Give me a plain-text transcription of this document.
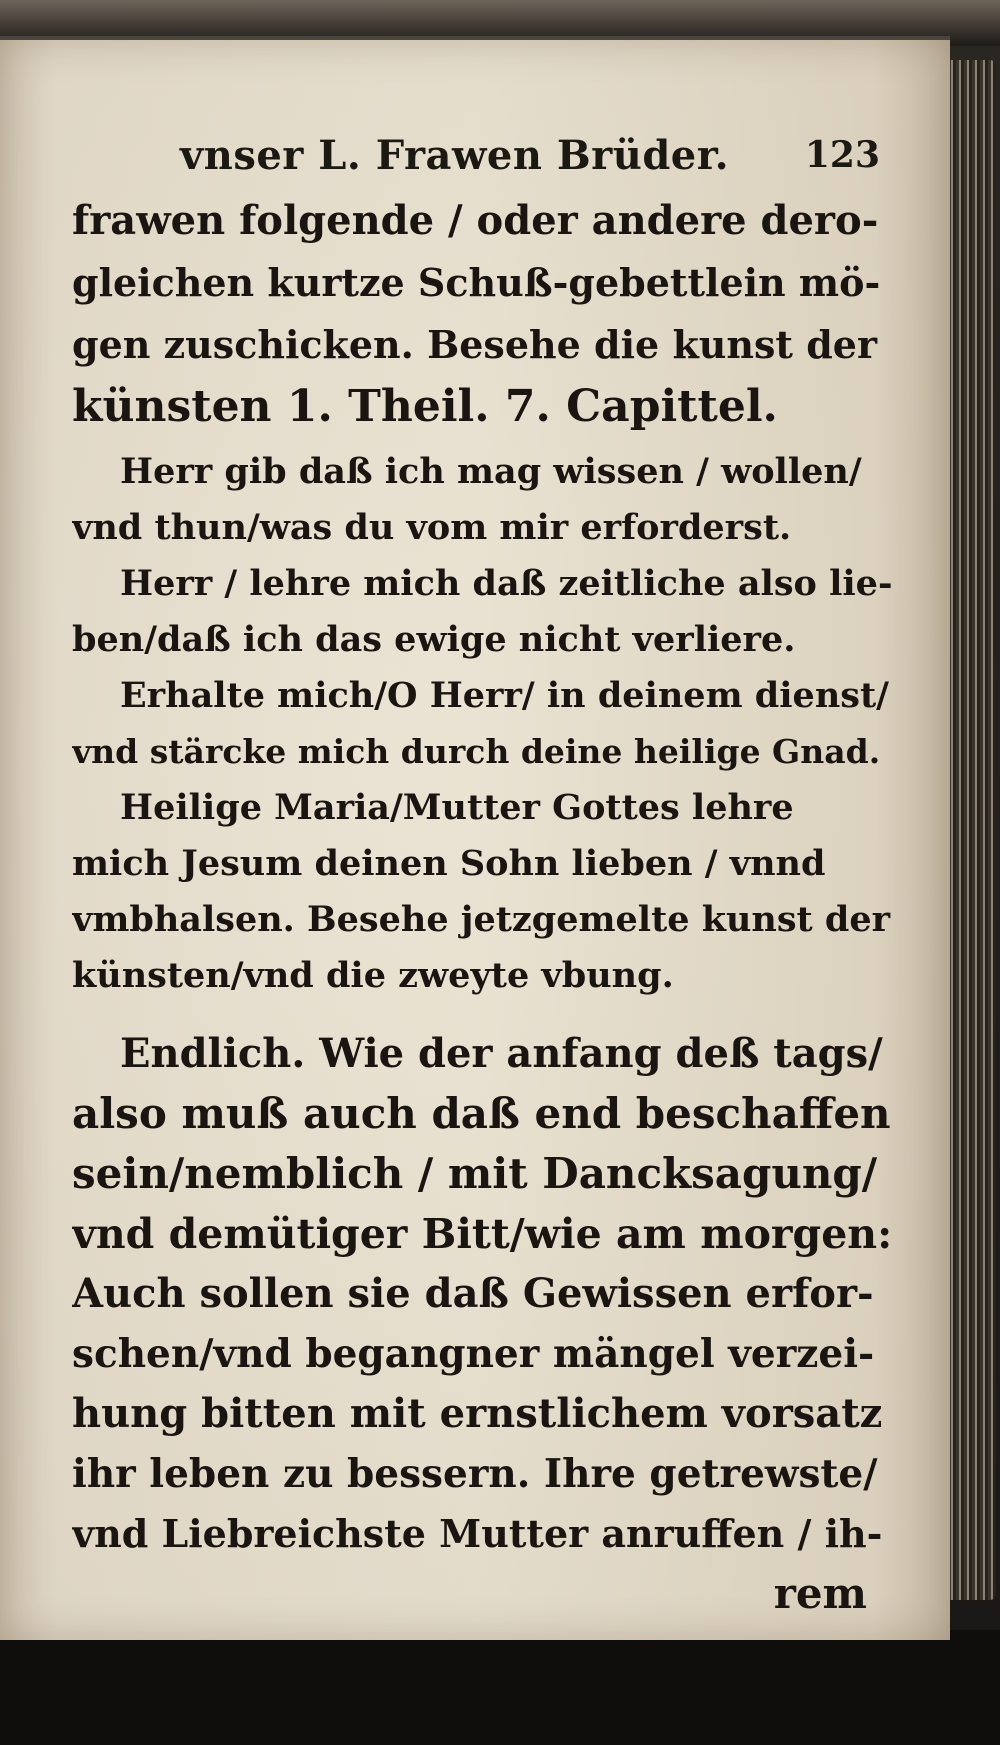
vnser L. Frawen Brüder. 123
frawen folgende / oder andere dero-
gleichen kurtze Schuß-gebettlein mö-
gen zuschicken. Besehe die kunst der
künsten 1. Theil. 7. Capittel.
Herr gib daß ich mag wissen / wollen/
vnd thun/was du vom mir erforderst.
Herr / lehre mich daß zeitliche also lie-
ben/daß ich das ewige nicht verliere.
Erhalte mich/O Herr/ in deinem dienst/
vnd stärcke mich durch deine heilige Gnad.
Heilige Maria/Mutter Gottes lehre
mich Jesum deinen Sohn lieben / vnnd
vmbhalsen. Besehe jetzgemelte kunst der
künsten/vnd die zweyte vbung.
Endlich. Wie der anfang deß tags/
also muß auch daß end beschaffen
sein/nemblich / mit Dancksagung/
vnd demütiger Bitt/wie am morgen:
Auch sollen sie daß Gewissen erfor-
schen/vnd begangner mängel verzei-
hung bitten mit ernstlichem vorsatz
ihr leben zu bessern. Ihre getrewste/
vnd Liebreichste Mutter anruffen / ih-
rem
